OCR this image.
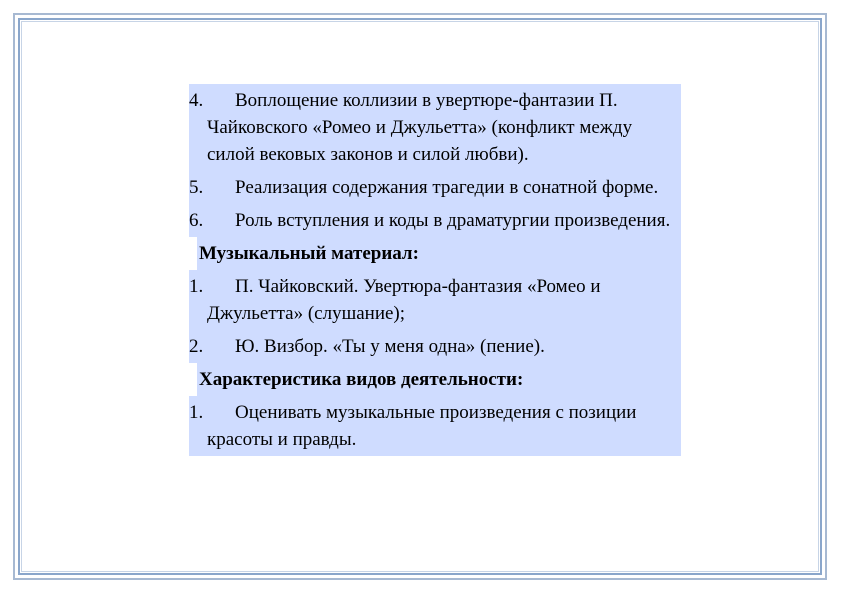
4.	Воплощение коллизии в увертюре-фантазии П. Чайковского «Ромео и Джульетта» (конфликт между силой вековых законов и силой любви).
5.	Реализация содержания трагедии в сонатной форме.
6.	Роль вступления и коды в драматургии произведения.
Музыкальный материал:
1.	П. Чайковский. Увертюра-фантазия «Ромео и Джульетта» (слушание);
2.	Ю. Визбор. «Ты у меня одна» (пение).
Характеристика видов деятельности:
1.	Оценивать музыкальные произведения с позиции красоты и правды.
